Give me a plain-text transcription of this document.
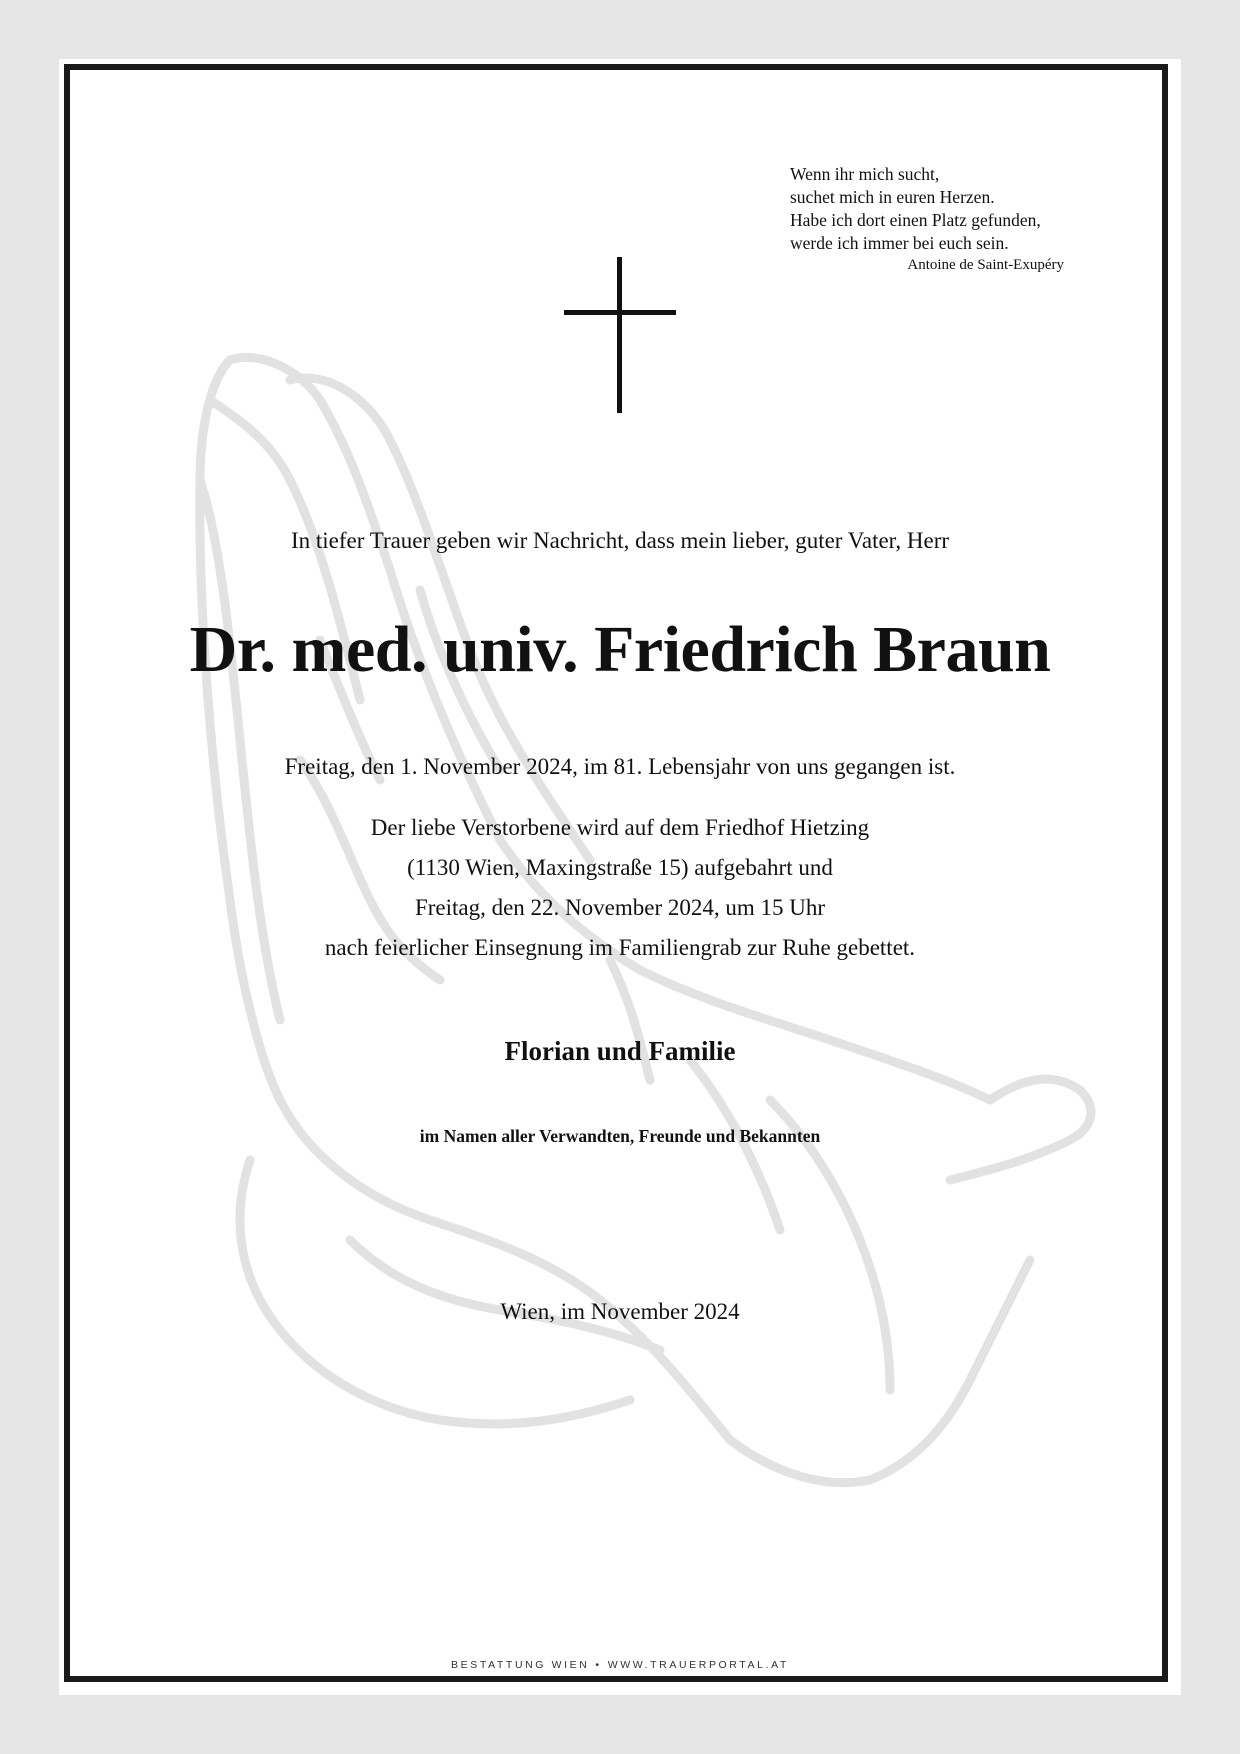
Wenn ihr mich sucht,
suchet mich in euren Herzen.
Habe ich dort einen Platz gefunden,
werde ich immer bei euch sein.
Antoine de Saint-Exupéry
In tiefer Trauer geben wir Nachricht, dass mein lieber, guter Vater, Herr
Dr. med. univ. Friedrich Braun
Freitag, den 1. November 2024, im 81. Lebensjahr von uns gegangen ist.
Der liebe Verstorbene wird auf dem Friedhof Hietzing
(1130 Wien, Maxingstraße 15) aufgebahrt und
Freitag, den 22. November 2024, um 15 Uhr
nach feierlicher Einsegnung im Familiengrab zur Ruhe gebettet.
Florian und Familie
im Namen aller Verwandten, Freunde und Bekannten
Wien, im November 2024
BESTATTUNG WIEN • WWW.TRAUERPORTAL.AT
